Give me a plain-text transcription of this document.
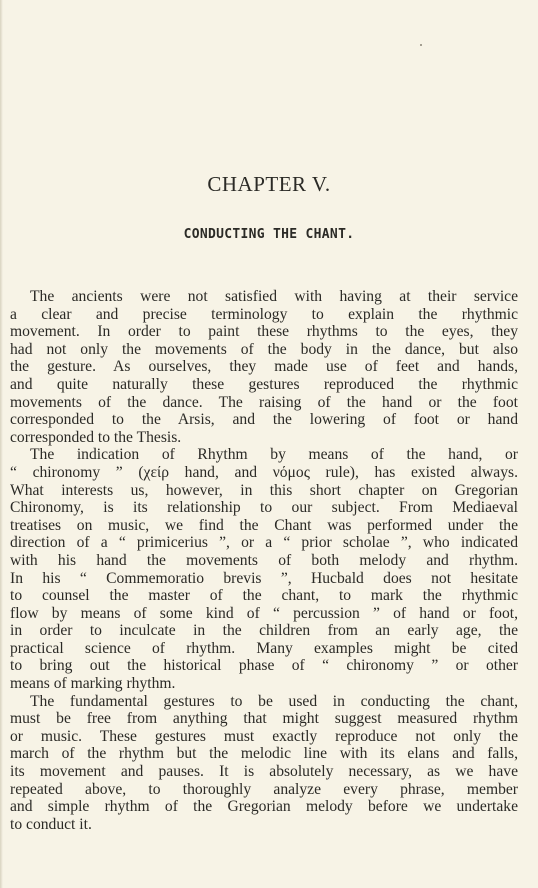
CHAPTER V.
CONDUCTING THE CHANT.

The ancients were not satisfied with having at their service

a clear and precise terminology to explain the rhythmic

movement. In order to paint these rhythms to the eyes, they

had not only the movements of the body in the dance, but also

the gesture. As ourselves, they made use of feet and hands,

and quite naturally these gestures reproduced the rhythmic

movements of the dance. The raising of the hand or the foot

corresponded to the Arsis, and the lowering of foot or hand

corresponded to the Thesis.

The indication of Rhythm by means of the hand, or

“ chironomy ” (χείρ hand, and νόμος rule), has existed always.

What interests us, however, in this short chapter on Gregorian

Chironomy, is its relationship to our subject. From Mediaeval

treatises on music, we find the Chant was performed under the

direction of a “ primicerius ”, or a “ prior scholae ”, who indicated

with his hand the movements of both melody and rhythm.

In his “ Commemoratio brevis ”, Hucbald does not hesitate

to counsel the master of the chant, to mark the rhythmic

flow by means of some kind of “ percussion ” of hand or foot,

in order to inculcate in the children from an early age, the

practical science of rhythm. Many examples might be cited

to bring out the historical phase of “ chironomy ” or other

means of marking rhythm.

The fundamental gestures to be used in conducting the chant,

must be free from anything that might suggest measured rhythm

or music. These gestures must exactly reproduce not only the

march of the rhythm but the melodic line with its elans and falls,

its movement and pauses. It is absolutely necessary, as we have

repeated above, to thoroughly analyze every phrase, member

and simple rhythm of the Gregorian melody before we undertake

to conduct it.
